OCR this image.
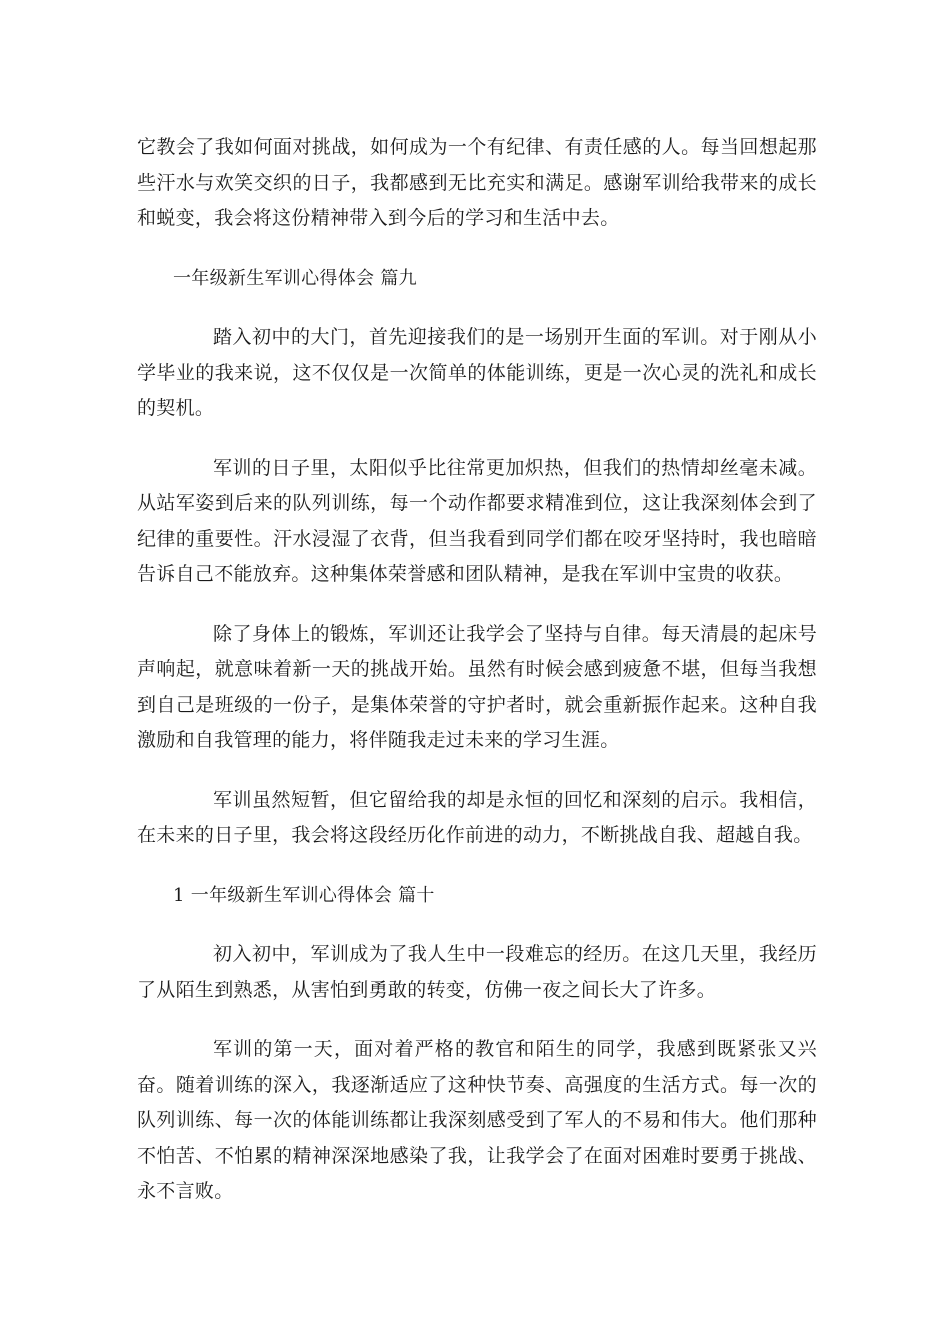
它教会了我如何面对挑战，如何成为一个有纪律、有责任感的人。每当回想起那些汗水与欢笑交织的日子，我都感到无比充实和满足。感谢军训给我带来的成长和蜕变，我会将这份精神带入到今后的学习和生活中去。

一年级新生军训心得体会 篇九

踏入初中的大门，首先迎接我们的是一场别开生面的军训。对于刚从小学毕业的我来说，这不仅仅是一次简单的体能训练，更是一次心灵的洗礼和成长的契机。

军训的日子里，太阳似乎比往常更加炽热，但我们的热情却丝毫未减。从站军姿到后来的队列训练，每一个动作都要求精准到位，这让我深刻体会到了纪律的重要性。汗水浸湿了衣背，但当我看到同学们都在咬牙坚持时，我也暗暗告诉自己不能放弃。这种集体荣誉感和团队精神，是我在军训中宝贵的收获。

除了身体上的锻炼，军训还让我学会了坚持与自律。每天清晨的起床号声响起，就意味着新一天的挑战开始。虽然有时候会感到疲惫不堪，但每当我想到自己是班级的一份子，是集体荣誉的守护者时，就会重新振作起来。这种自我激励和自我管理的能力，将伴随我走过未来的学习生涯。

军训虽然短暂，但它留给我的却是永恒的回忆和深刻的启示。我相信，在未来的日子里，我会将这段经历化作前进的动力，不断挑战自我、超越自我。

1 一年级新生军训心得体会 篇十

初入初中，军训成为了我人生中一段难忘的经历。在这几天里，我经历了从陌生到熟悉，从害怕到勇敢的转变，仿佛一夜之间长大了许多。

军训的第一天，面对着严格的教官和陌生的同学，我感到既紧张又兴奋。随着训练的深入，我逐渐适应了这种快节奏、高强度的生活方式。每一次的队列训练、每一次的体能训练都让我深刻感受到了军人的不易和伟大。他们那种不怕苦、不怕累的精神深深地感染了我，让我学会了在面对困难时要勇于挑战、永不言败。
